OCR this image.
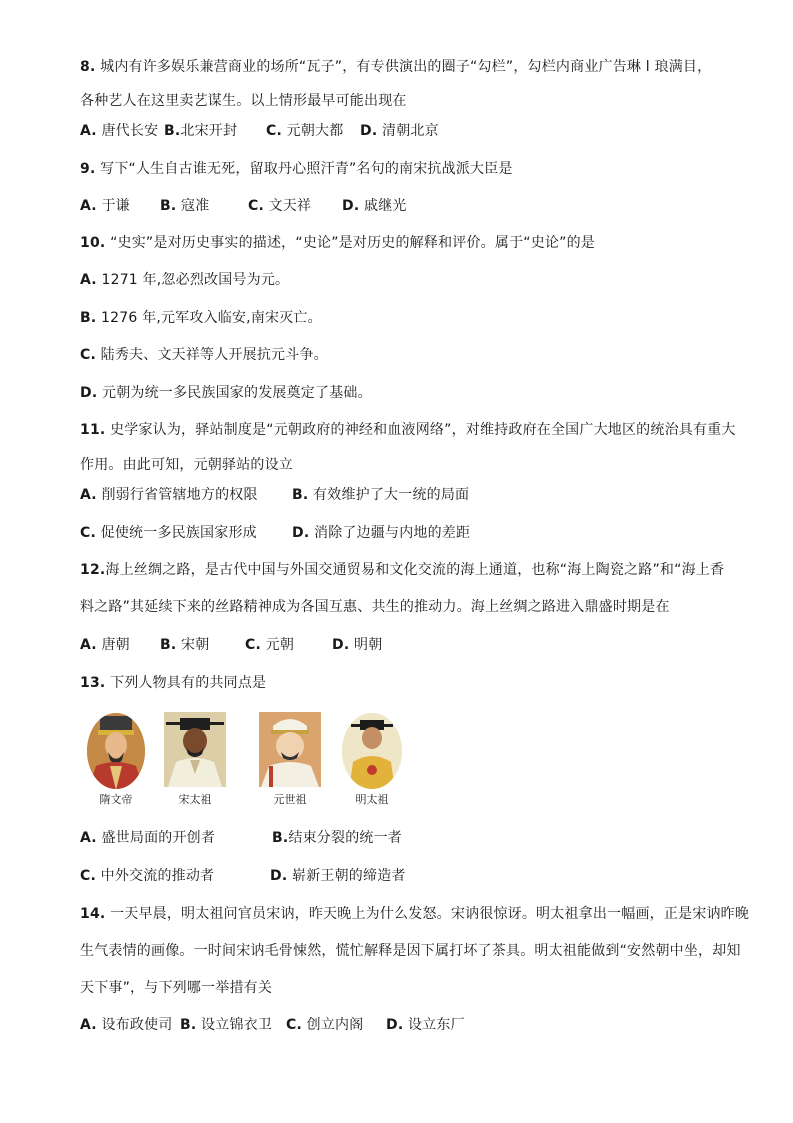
8. 城内有许多娱乐兼营商业的场所“瓦子”，有专供演出的圈子“勾栏”，勾栏内商业广告琳 l 琅满目，
各种艺人在这里卖艺谋生。以上情形最早可能出现在
A. 唐代长安 B.北宋开封 C. 元朝大都 D. 清朝北京
9. 写下“人生自古谁无死，留取丹心照汗青”名句的南宋抗战派大臣是
A. 于谦 B. 寇准	C. 文天祥 D. 戚继光
10. “史实”是对历史事实的描述，“史论”是对历史的解释和评价。属于“史论”的是
A. 1271 年,忽必烈改国号为元。
B. 1276 年,元军攻入临安,南宋灭亡。
C. 陆秀夫、文天祥等人开展抗元斗争。
D. 元朝为统一多民族国家的发展奠定了基础。
11. 史学家认为，驿站制度是“元朝政府的神经和血液网络”，对维持政府在全国广大地区的统治具有重大
作用。由此可知，元朝驿站的设立
A. 削弱行省管辖地方的权限 B. 有效维护了大一统的局面
C. 促使统一多民族国家形成	D. 消除了边疆与内地的差距
12.海上丝绸之路，是古代中国与外国交通贸易和文化交流的海上通道，也称“海上陶瓷之路”和“海上香
料之路”其延续下来的丝路精神成为各国互惠、共生的推动力。海上丝绸之路进入鼎盛时期是在
A. 唐朝 B. 宋朝	C. 元朝	D. 明朝
13. 下列人物具有的共同点是
隋文帝	宋太祖	元世祖	明太祖
A. 盛世局面的开创者	B.结束分裂的统一者
C. 中外交流的推动者	D. 崭新王朝的缔造者
14. 一天早晨，明太祖问官员宋讷，昨天晚上为什么发怒。宋讷很惊讶。明太祖拿出一幅画，正是宋讷昨晚
生气表情的画像。一时间宋讷毛骨悚然，慌忙解释是因下属打坏了茶具。明太祖能做到“安然朝中坐，却知
天下事”，与下列哪一举措有关
A. 设布政使司 B. 设立锦衣卫 C. 创立内阁 D. 设立东厂
